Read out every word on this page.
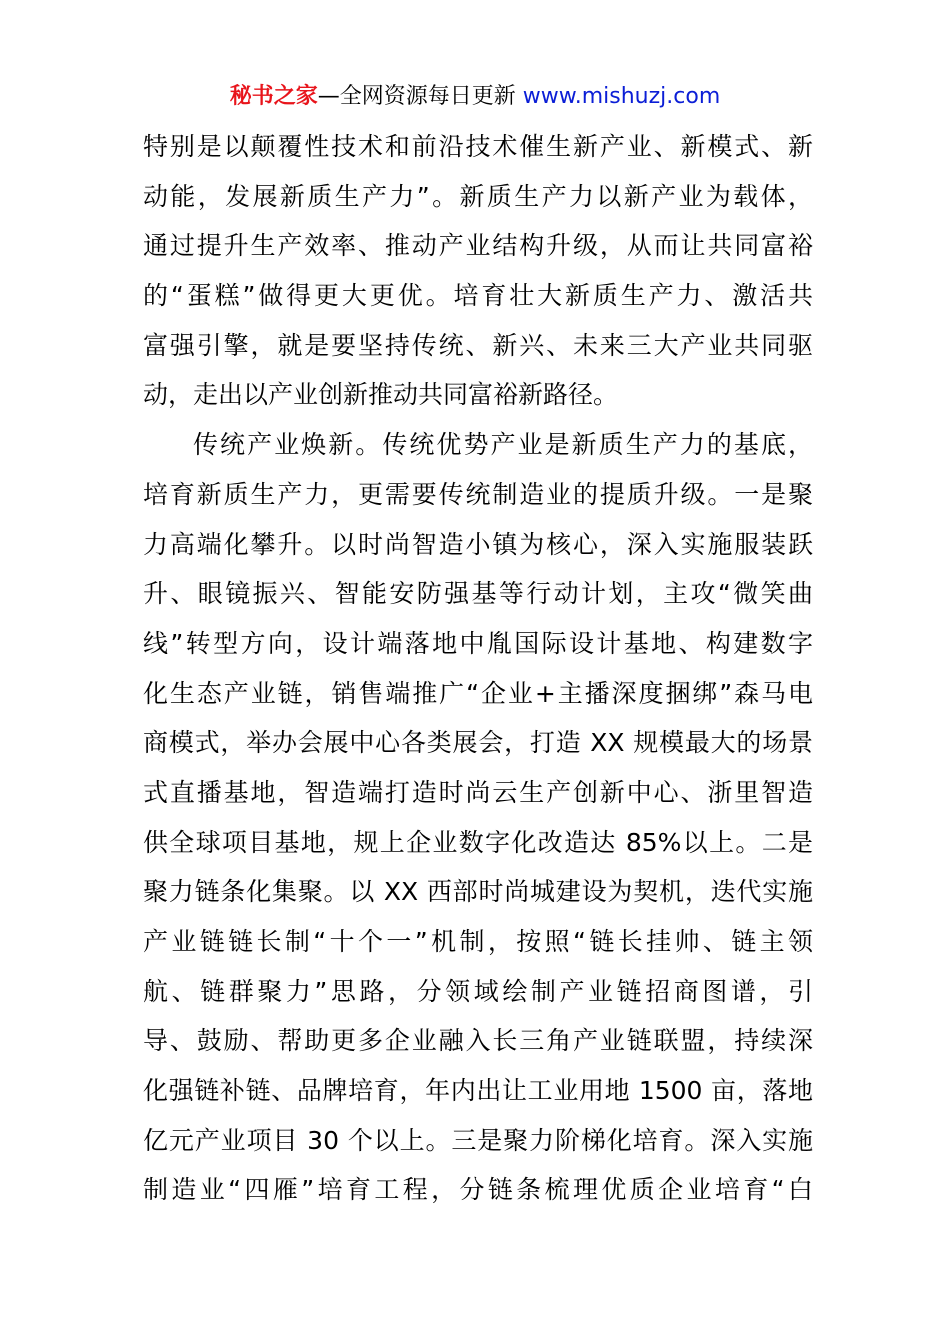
秘书之家—全网资源每日更新 www.mishuzj.com
特别是以颠覆性技术和前沿技术催生新产业、新模式、新
动能，发展新质生产力”。新质生产力以新产业为载体，
通过提升生产效率、推动产业结构升级，从而让共同富裕
的“蛋糕”做得更大更优。培育壮大新质生产力、激活共
富强引擎，就是要坚持传统、新兴、未来三大产业共同驱
动，走出以产业创新推动共同富裕新路径。
传统产业焕新。传统优势产业是新质生产力的基底，
培育新质生产力，更需要传统制造业的提质升级。一是聚
力高端化攀升。以时尚智造小镇为核心，深入实施服装跃
升、眼镜振兴、智能安防强基等行动计划，主攻“微笑曲
线”转型方向，设计端落地中胤国际设计基地、构建数字
化生态产业链，销售端推广“企业+主播深度捆绑”森马电
商模式，举办会展中心各类展会，打造 XX 规模最大的场景
式直播基地，智造端打造时尚云生产创新中心、浙里智造
供全球项目基地，规上企业数字化改造达 85%以上。二是
聚力链条化集聚。以 XX 西部时尚城建设为契机，迭代实施
产业链链长制“十个一”机制，按照“链长挂帅、链主领
航、链群聚力”思路，分领域绘制产业链招商图谱，引
导、鼓励、帮助更多企业融入长三角产业链联盟，持续深
化强链补链、品牌培育，年内出让工业用地 1500 亩，落地
亿元产业项目 30 个以上。三是聚力阶梯化培育。深入实施
制造业“四雁”培育工程，分链条梳理优质企业培育“白
